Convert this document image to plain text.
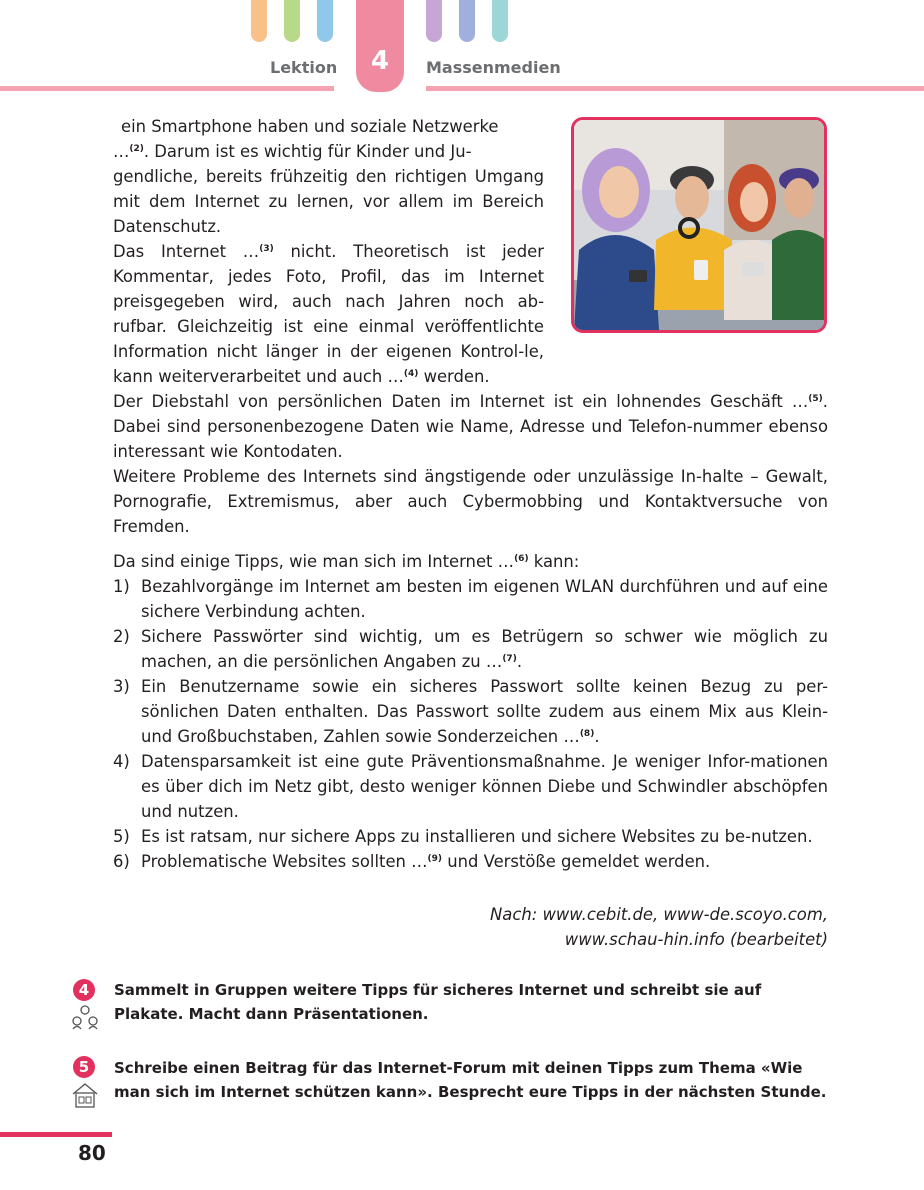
4
Lektion	Massenmedien
ein Smartphone haben und soziale Netzwerke
…$^{(2)}$. Darum ist es wichtig für Kinder und Ju-
gendliche, bereits frühzeitig den richtigen Umgang mit dem Internet zu lernen, vor allem im Bereich Datenschutz.
Das Internet …$^{(3)}$ nicht. Theoretisch ist jeder Kommentar, jedes Foto, Profil, das im Internet preisgegeben wird, auch nach Jahren noch ab-rufbar. Gleichzeitig ist eine einmal veröffentlichte Information nicht länger in der eigenen Kontrol-le, kann weiterverarbeitet und auch …$^{(4)}$ werden.
Der Diebstahl von persönlichen Daten im Internet ist ein lohnendes Geschäft …$^{(5)}$. Dabei sind personenbezogene Daten wie Name, Adresse und Telefon-nummer ebenso interessant wie Kontodaten.
Weitere Probleme des Internets sind ängstigende oder unzulässige In-halte – Gewalt, Pornografie, Extremismus, aber auch Cybermobbing und Kontaktversuche von Fremden.
Da sind einige Tipps, wie man sich im Internet …$^{(6)}$ kann:
1) Bezahlvorgänge im Internet am besten im eigenen WLAN durchführen und auf eine sichere Verbindung achten.
2) Sichere Passwörter sind wichtig, um es Betrügern so schwer wie möglich zu machen, an die persönlichen Angaben zu …$^{(7)}$.
3) Ein Benutzername sowie ein sicheres Passwort sollte keinen Bezug zu per-sönlichen Daten enthalten. Das Passwort sollte zudem aus einem Mix aus Klein- und Großbuchstaben, Zahlen sowie Sonderzeichen …$^{(8)}$.
4) Datensparsamkeit ist eine gute Präventionsmaßnahme. Je weniger Infor-mationen es über dich im Netz gibt, desto weniger können Diebe und Schwindler abschöpfen und nutzen.
5) Es ist ratsam, nur sichere Apps zu installieren und sichere Websites zu be-nutzen.
6) Problematische Websites sollten …$^{(9)}$ und Verstöße gemeldet werden.
Nach: www.cebit.de, www-de.scoyo.com,
www.schau-hin.info (bearbeitet)
4	Sammelt in Gruppen weitere Tipps für sicheres Internet und schreibt sie auf Plakate. Macht dann Präsentationen.
5	Schreibe einen Beitrag für das Internet-Forum mit deinen Tipps zum Thema «Wie man sich im Internet schützen kann». Besprecht eure Tipps in der nächsten Stunde.
80
